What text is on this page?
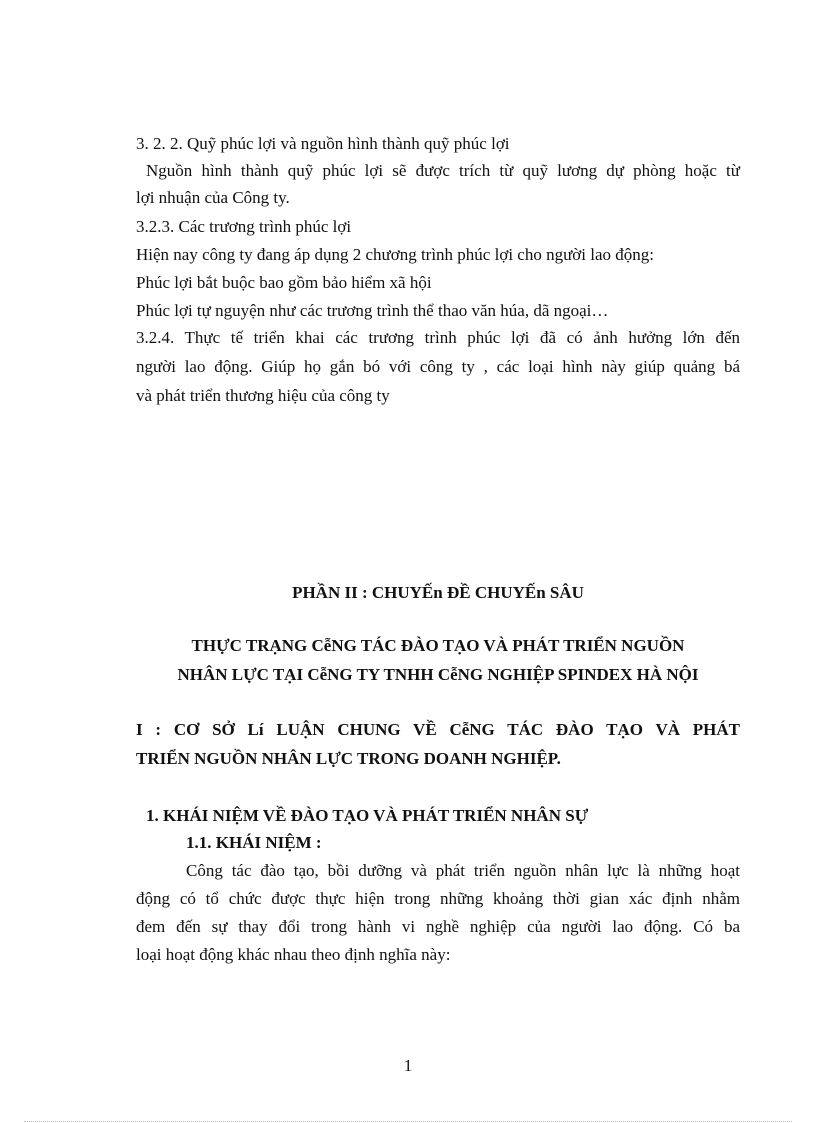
3. 2. 2. Quỹ phúc lợi và nguồn hình thành quỹ phúc lợi
Nguồn hình thành quỹ phúc lợi sẽ được trích từ quỹ lương dự phòng hoặc từ
lợi nhuận của Công ty.
3.2.3. Các trương trình phúc lợi
Hiện nay công ty đang áp dụng 2 chương trình phúc lợi cho người lao động:
Phúc lợi bắt buộc bao gồm bảo hiểm xã hội
Phúc lợi tự nguyện như các trương trình thể thao văn húa, dã ngoại…
3.2.4. Thực tế triển khai các trương trình phúc lợi đã có ảnh hưởng lớn đến
người lao động. Giúp họ gắn bó với công ty , các loại hình này giúp quảng bá
và phát triển thương hiệu của công ty
PHẦN II : CHUYẾn ĐỀ CHUYẾn SÂU
THỰC TRẠNG CễNG TÁC ĐÀO TẠO VÀ PHÁT TRIỂN NGUỒN
NHÂN LỰC TẠI CễNG TY TNHH CễNG NGHIỆP SPINDEX HÀ NỘI
I : CƠ SỞ Lí LUẬN CHUNG VỀ CễNG TÁC ĐÀO TẠO VÀ PHÁT
TRIỂN NGUỒN NHÂN LỰC TRONG DOANH NGHIỆP.
1. KHÁI NIỆM VỀ ĐÀO TẠO VÀ PHÁT TRIỂN NHÂN SỰ
1.1. KHÁI NIỆM :
Công tác đào tạo, bồi dưỡng và phát triển nguồn nhân lực là những hoạt
động có tổ chức được thực hiện trong những khoảng thời gian xác định nhằm
đem đến sự thay đổi trong hành vi nghề nghiệp của người lao động. Có ba
loại hoạt động khác nhau theo định nghĩa này:
1
